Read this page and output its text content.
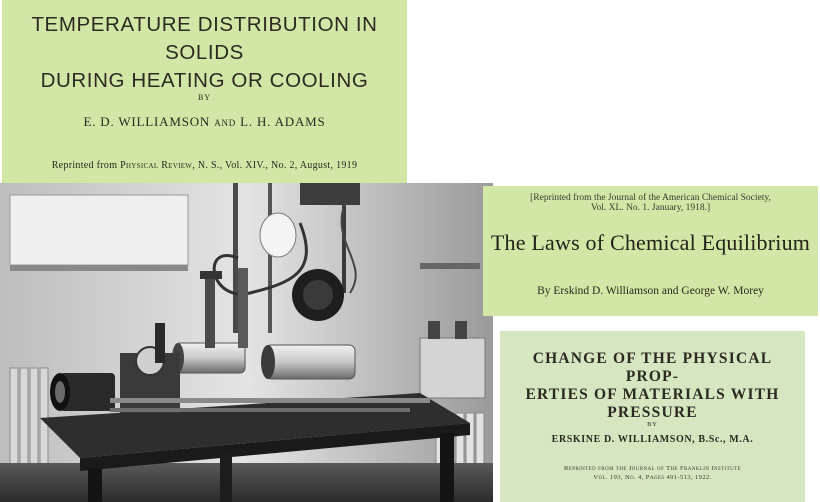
TEMPERATURE DISTRIBUTION IN SOLIDS
DURING HEATING OR COOLING
BY
E. D. WILLIAMSON and L. H. ADAMS
Reprinted from Physical Review, N. S., Vol. XIV., No. 2, August, 1919
[Reprinted from the Journal of the American Chemical Society,
Vol. XL. No. 1. January, 1918.]
The Laws of Chemical Equilibrium
By Erskind D. Williamson and George W. Morey
CHANGE OF THE PHYSICAL PROP-
ERTIES OF MATERIALS WITH
PRESSURE
BY
ERSKINE D. WILLIAMSON, B.Sc., M.A.
Reprinted from the Journal of The Franklin Institute
Vol. 193, No. 4, Pages 491-513, 1922.
